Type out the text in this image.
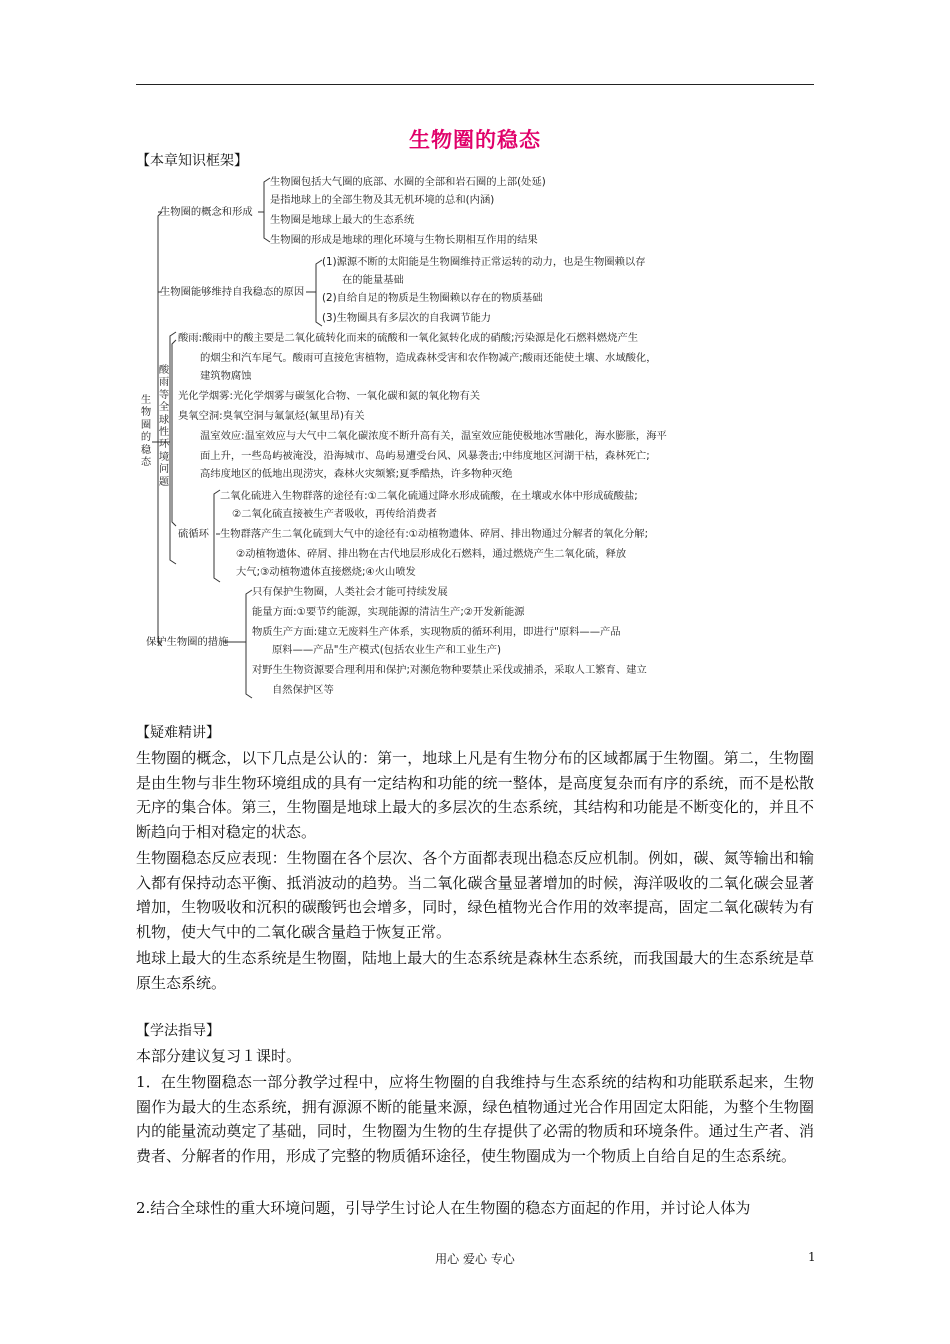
生物圈的稳态
【本章知识框架】
生物圈的概念和形成
生物圈包括大气圈的底部、水圈的全部和岩石圈的上部(处延)
是指地球上的全部生物及其无机环境的总和(内涵)
生物圈是地球上最大的生态系统
生物圈的形成是地球的理化环境与生物长期相互作用的结果
生物圈能够维持自我稳态的原因
(1)源源不断的太阳能是生物圈维持正常运转的动力，也是生物圈赖以存
在的能量基础
(2)自给自足的物质是生物圈赖以存在的物质基础
(3)生物圈具有多层次的自我调节能力
生物圈的稳态
酸雨等全球性环境问题
酸雨:酸雨中的酸主要是二氧化硫转化而来的硫酸和一氧化氮转化成的硝酸;污染源是化石燃料燃烧产生
的烟尘和汽车尾气。酸雨可直接危害植物，造成森林受害和农作物减产;酸雨还能使土壤、水域酸化，
建筑物腐蚀
光化学烟雾:光化学烟雾与碳氢化合物、一氧化碳和氮的氧化物有关
臭氧空洞:臭氧空洞与氟氯烃(氟里昂)有关
温室效应:温室效应与大气中二氧化碳浓度不断升高有关，温室效应能使极地冰雪融化，海水膨胀，海平
面上升，一些岛屿被淹没，沿海城市、岛屿易遭受台风、风暴袭击;中纬度地区河湖干枯，森林死亡;
高纬度地区的低地出现涝灾，森林火灾频繁;夏季酷热，许多物种灭绝
硫循环
二氧化硫进入生物群落的途径有:①二氧化硫通过降水形成硫酸，在土壤或水体中形成硫酸盐;
②二氧化硫直接被生产者吸收，再传给消费者
生物群落产生二氧化硫到大气中的途径有:①动植物遗体、碎屑、排出物通过分解者的氧化分解;
②动植物遗体、碎屑、排出物在古代地层形成化石燃料，通过燃烧产生二氧化硫，释放
大气;③动植物遗体直接燃烧;④火山喷发
保护生物圈的措施
只有保护生物圈，人类社会才能可持续发展
能量方面:①要节约能源，实现能源的清洁生产;②开发新能源
物质生产方面:建立无废料生产体系，实现物质的循环利用，即进行"原料——产品
原料——产品"生产模式(包括农业生产和工业生产)
对野生生物资源要合理利用和保护;对濒危物种要禁止采伐或捕杀，采取人工繁育、建立
自然保护区等
【疑难精讲】
生物圈的概念，以下几点是公认的：第一，地球上凡是有生物分布的区域都属于生物圈。第二，生物圈是由生物与非生物环境组成的具有一定结构和功能的统一整体，是高度复杂而有序的系统，而不是松散无序的集合体。第三，生物圈是地球上最大的多层次的生态系统，其结构和功能是不断变化的，并且不断趋向于相对稳定的状态。
生物圈稳态反应表现：生物圈在各个层次、各个方面都表现出稳态反应机制。例如，碳、氮等输出和输入都有保持动态平衡、抵消波动的趋势。当二氧化碳含量显著增加的时候，海洋吸收的二氧化碳会显著增加，生物吸收和沉积的碳酸钙也会增多，同时，绿色植物光合作用的效率提高，固定二氧化碳转为有机物，使大气中的二氧化碳含量趋于恢复正常。
地球上最大的生态系统是生物圈，陆地上最大的生态系统是森林生态系统，而我国最大的生态系统是草原生态系统。
【学法指导】
本部分建议复习１课时。
1．在生物圈稳态一部分教学过程中，应将生物圈的自我维持与生态系统的结构和功能联系起来，生物圈作为最大的生态系统，拥有源源不断的能量来源，绿色植物通过光合作用固定太阳能，为整个生物圈内的能量流动奠定了基础，同时，生物圈为生物的生存提供了必需的物质和环境条件。通过生产者、消费者、分解者的作用，形成了完整的物质循环途径，使生物圈成为一个物质上自给自足的生态系统。
2.结合全球性的重大环境问题，引导学生讨论人在生物圈的稳态方面起的作用，并讨论人体为
用心 爱心 专心	1
